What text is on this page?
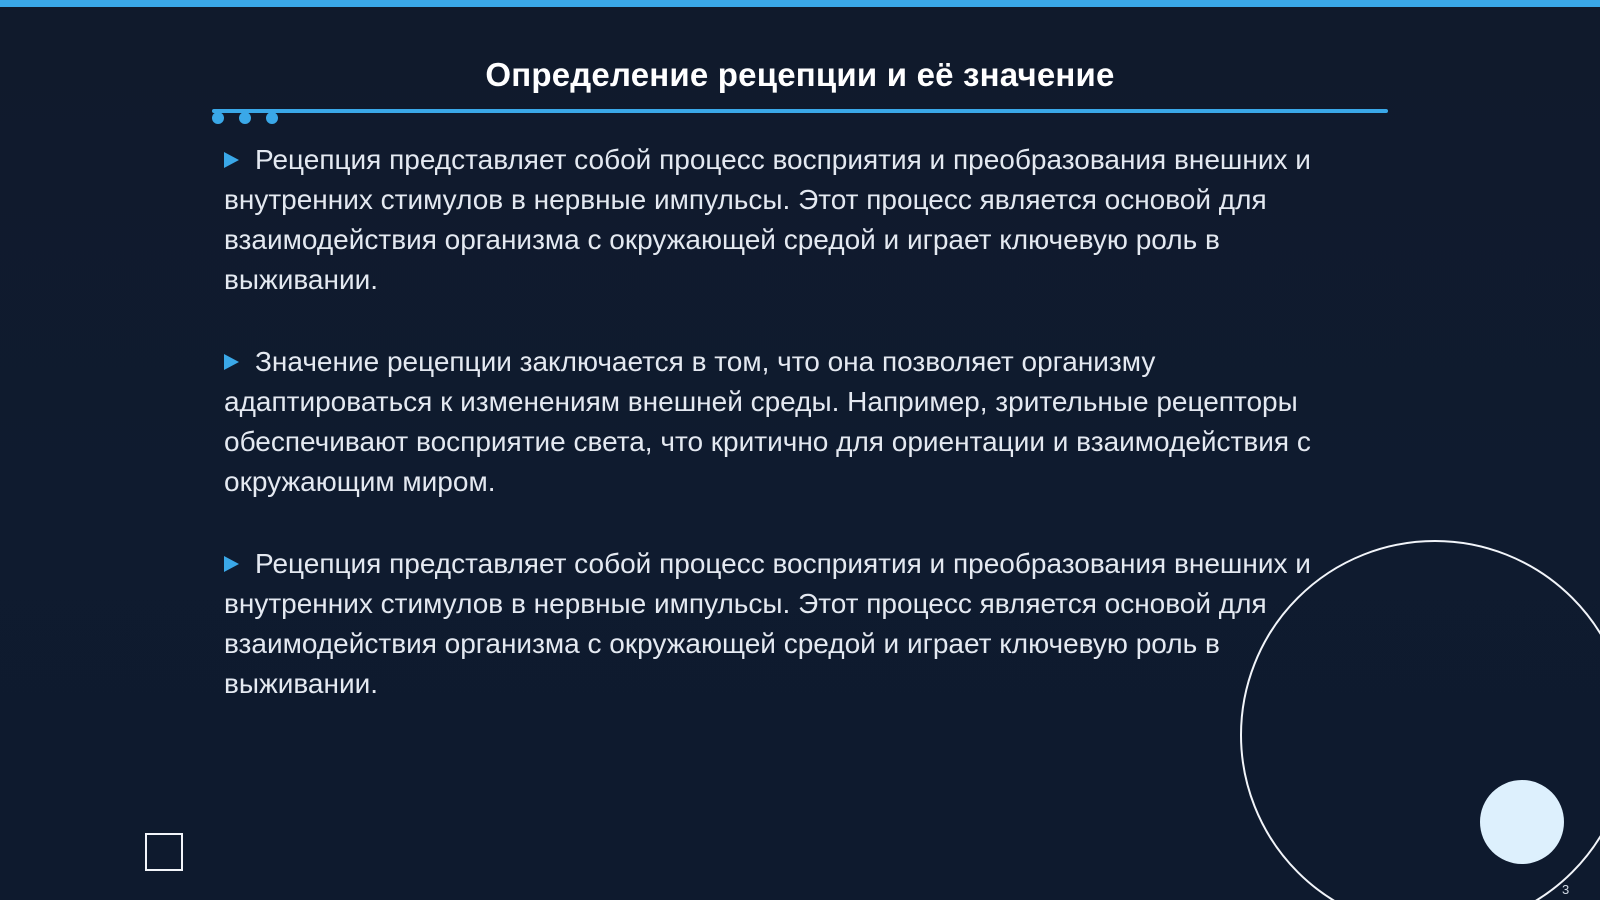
Определение рецепции и её значение
Рецепция представляет собой процесс восприятия и преобразования внешних и внутренних стимулов в нервные импульсы. Этот процесс является основой для взаимодействия организма с окружающей средой и играет ключевую роль в выживании.
Значение рецепции заключается в том, что она позволяет организму адаптироваться к изменениям внешней среды. Например, зрительные рецепторы обеспечивают восприятие света, что критично для ориентации и взаимодействия с окружающим миром.
Рецепция представляет собой процесс восприятия и преобразования внешних и внутренних стимулов в нервные импульсы. Этот процесс является основой для взаимодействия организма с окружающей средой и играет ключевую роль в выживании.
3
